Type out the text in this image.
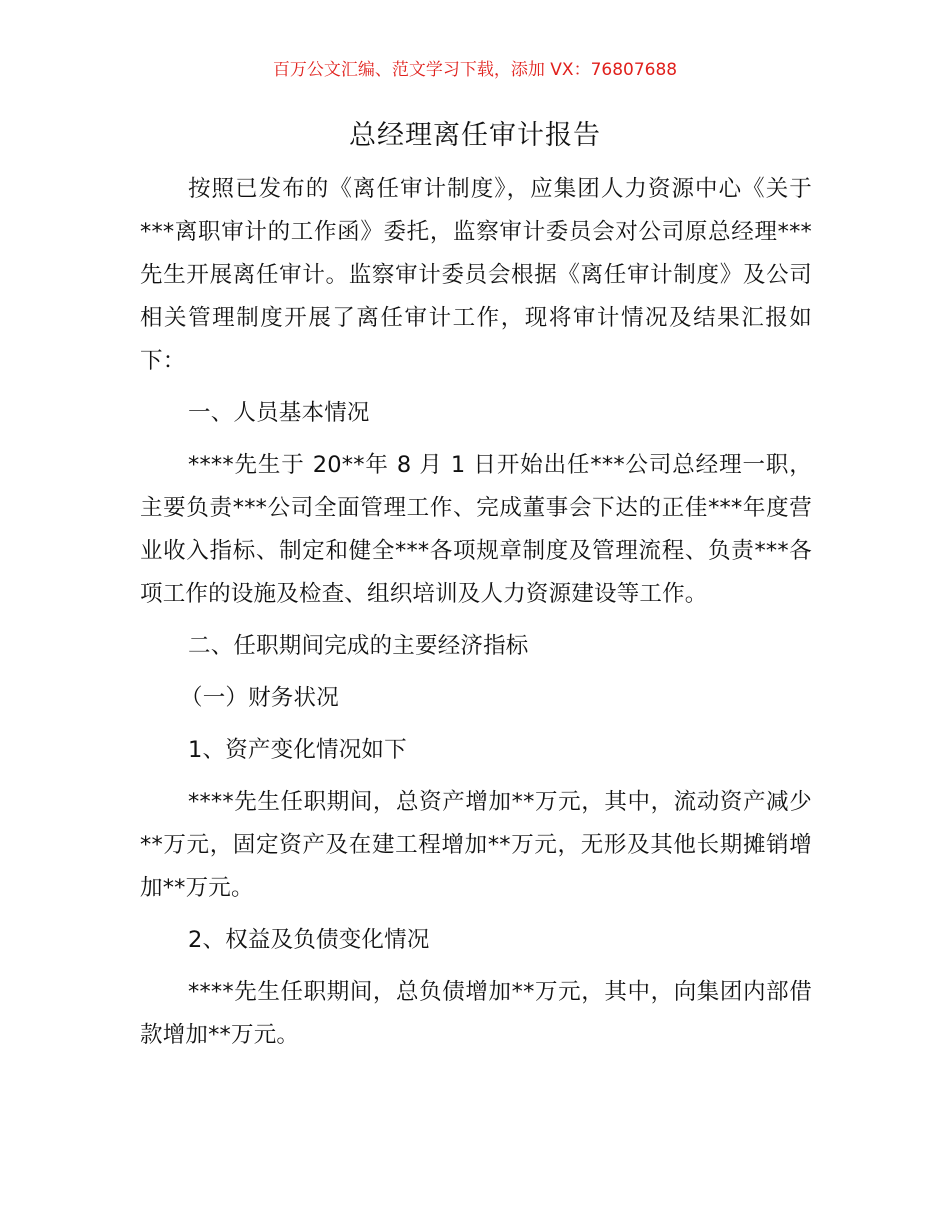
百万公文汇编、范文学习下载，添加 VX：76807688
总经理离任审计报告

按照已发布的《离任审计制度》，应集团人力资源中心《关于***离职审计的工作函》委托，监察审计委员会对公司原总经理***先生开展离任审计。监察审计委员会根据《离任审计制度》及公司相关管理制度开展了离任审计工作，现将审计情况及结果汇报如下：

一、人员基本情况

****先生于 20**年 8 月 1 日开始出任***公司总经理一职，主要负责***公司全面管理工作、完成董事会下达的正佳***年度营业收入指标、制定和健全***各项规章制度及管理流程、负责***各项工作的设施及检查、组织培训及人力资源建设等工作。

二、任职期间完成的主要经济指标

（一）财务状况

1、资产变化情况如下

****先生任职期间，总资产增加**万元，其中，流动资产减少**万元，固定资产及在建工程增加**万元，无形及其他长期摊销增加**万元。

2、权益及负债变化情况

****先生任职期间，总负债增加**万元，其中，向集团内部借款增加**万元。
